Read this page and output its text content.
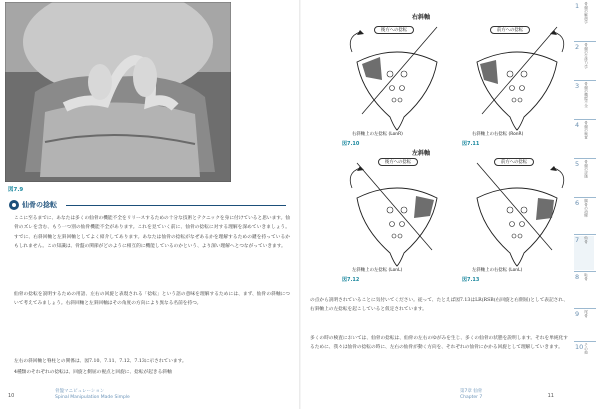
図7.9
仙骨の捻転
ここに至るまでに、あなたは多くの仙骨の機能不全をリリースするための十分な技術とテクニックを身に付けていると思います。仙骨のズレを含む、もう一つ別の仙骨機能不全があります。これを見ていく前に、仙骨の捻転に対する理解を深めていきましょう。すでに、右斜回軸と左斜回軸としてよく紹介してあります。あなたは仙骨の捻転がなぜあるかを理解するための鍵を持っているかもしれません。この知識は、骨盤の関節がどのように相互的に機能しているのかという、より深い理解へとつながっていきます。
仙骨の捻転を説明するための用語、左右の回旋と表現される「捻転」という語の意味を理解するためには、まず、仙骨の斜軸について考えてみましょう。右斜回軸と左斜回軸はその角度の方向により異なる名前を持つ。
左右の斜回軸と脊柱との関係は、図7.10、7.11、7.12、7.13に示されています。
4種類のそれぞれの捻転は、回旋と側屈の視点と回旋に、捻転が起きる斜軸
10
骨盤マニピュレーション
Spinal Manipulation Made Simple
右斜軸
左斜軸
後方への捻転
右斜軸上の左捻転 (LonR)
図7.10
前方への捻転
右斜軸上の右捻転 (RonR)
図7.11
後方への捻転
左斜軸上の左捻転 (LonL)
図7.12
前方への捻転
左斜軸上の右捻転 (LonL)
図7.13
の点から説明されていることに気付いてください。従って、たとえば図7.13はLR(RSB(右回旋と右側屈)として表記され、右斜軸上の左捻転を起こしていると仮定されています。
多くの時の検査においては、仙骨の捻転は、仙骨の左右のゆがみを生じ、多くの仙骨の状態を説明します。それを単純化するために、我々は仙骨の捻転の時に、左右の仙骨が動く方向を、それぞれの仙骨にかかる回旋として理解していきます。
第7章 仙骨
Chapter 7	11
1	骨盤の解剖学
2	骨盤の生体力学
3	骨盤の機能不全
4	骨盤の検査
5	骨盤の評価
6	腸骨の治療
7	仙骨
8	恥骨
9	尾骨
10 その他
